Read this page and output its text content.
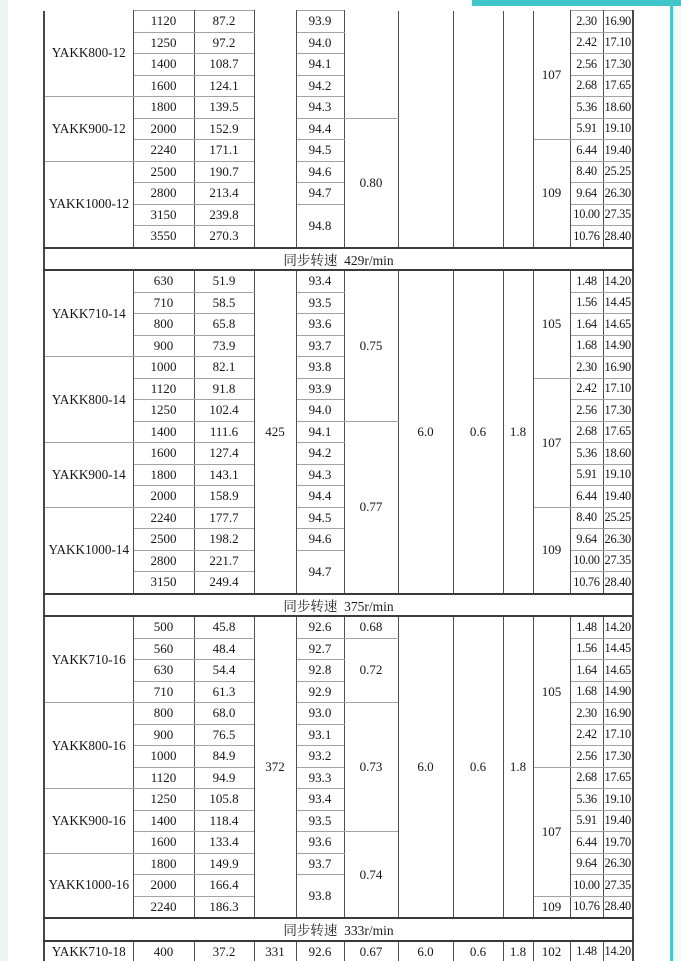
YAKK800-12	1120	87.2		93.9					107	2.30	16.90
	1250	97.2		94.0						2.42	17.10
	1400	108.7		94.1						2.56	17.30
	1600	124.1		94.2						2.68	17.65
YAKK900-12	1800	139.5		94.3						5.36	18.60
	2000	152.9		94.4	0.80					5.91	19.10
	2240	171.1		94.5					109	6.44	19.40
YAKK1000-12	2500	190.7		94.6						8.40	25.25
	2800	213.4		94.7						9.64	26.30
	3150	239.8		94.8						10.00	27.35
	3550	270.3								10.76	28.40
同步转速  429r/min											
YAKK710-14	630	51.9	425	93.4	0.75	6.0	0.6	1.8	105	1.48	14.20
	710	58.5		93.5						1.56	14.45
	800	65.8		93.6						1.64	14.65
	900	73.9		93.7						1.68	14.90
YAKK800-14	1000	82.1		93.8						2.30	16.90
	1120	91.8		93.9					107	2.42	17.10
	1250	102.4		94.0						2.56	17.30
	1400	111.6		94.1	0.77					2.68	17.65
YAKK900-14	1600	127.4		94.2						5.36	18.60
	1800	143.1		94.3						5.91	19.10
	2000	158.9		94.4						6.44	19.40
YAKK1000-14	2240	177.7		94.5					109	8.40	25.25
	2500	198.2		94.6						9.64	26.30
	2800	221.7		94.7						10.00	27.35
	3150	249.4								10.76	28.40
同步转速  375r/min											
YAKK710-16	500	45.8	372	92.6	0.68	6.0	0.6	1.8	105	1.48	14.20
	560	48.4		92.7	0.72					1.56	14.45
	630	54.4		92.8						1.64	14.65
	710	61.3		92.9						1.68	14.90
YAKK800-16	800	68.0		93.0	0.73					2.30	16.90
	900	76.5		93.1						2.42	17.10
	1000	84.9		93.2						2.56	17.30
	1120	94.9		93.3					107	2.68	17.65
YAKK900-16	1250	105.8		93.4						5.36	19.10
	1400	118.4		93.5						5.91	19.40
	1600	133.4		93.6	0.74					6.44	19.70
YAKK1000-16	1800	149.9		93.7						9.64	26.30
	2000	166.4		93.8						10.00	27.35
	2240	186.3							109	10.76	28.40
同步转速  333r/min											
YAKK710-18	400	37.2	331	92.6	0.67	6.0	0.6	1.8	102	1.48	14.20
